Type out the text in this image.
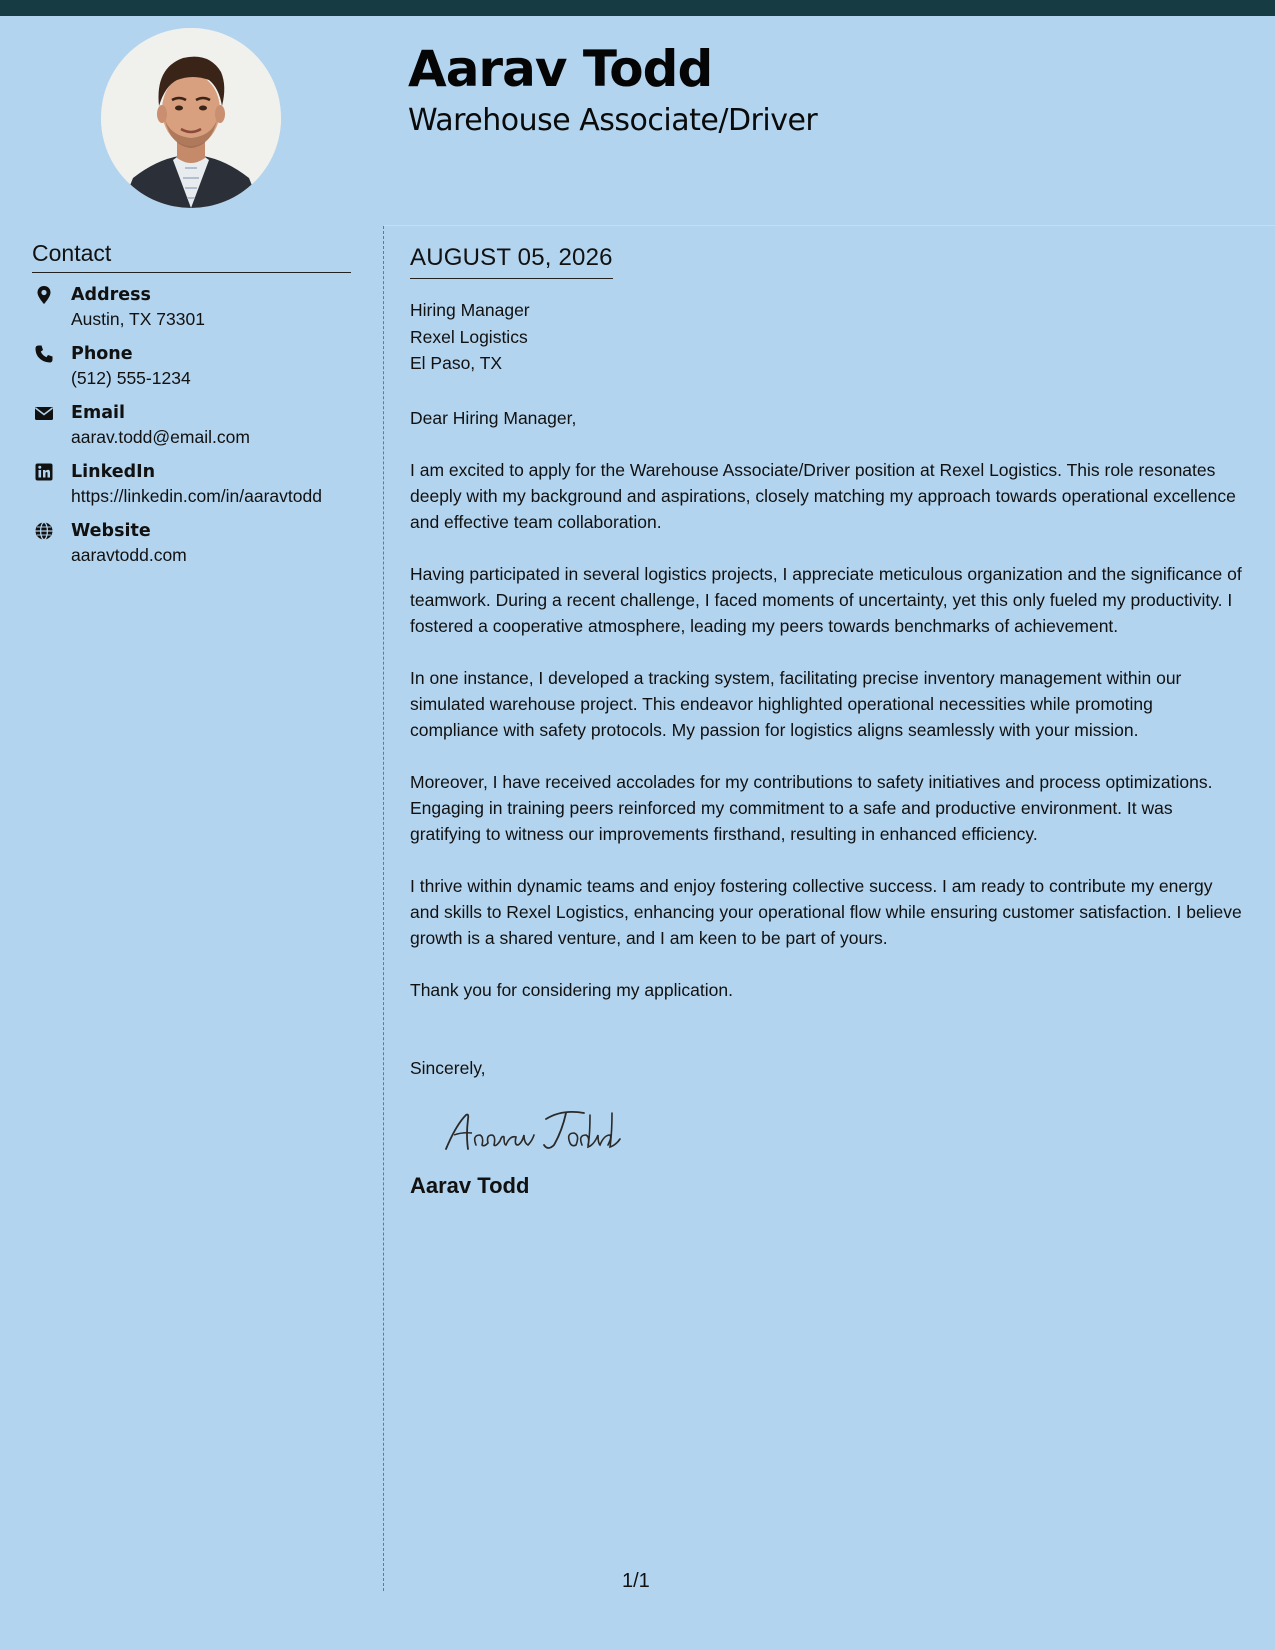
Aarav Todd
Warehouse Associate/Driver
Contact
Address
Austin, TX 73301
Phone
(512) 555-1234
Email
aarav.todd@email.com
LinkedIn
https://linkedin.com/in/aaravtodd
Website
aaravtodd.com
AUGUST 05, 2026
Hiring Manager
Rexel Logistics
El Paso, TX

Dear Hiring Manager,

I am excited to apply for the Warehouse Associate/Driver position at Rexel Logistics. This role resonates deeply with my background and aspirations, closely matching my approach towards operational excellence and effective team collaboration.

Having participated in several logistics projects, I appreciate meticulous organization and the significance of teamwork. During a recent challenge, I faced moments of uncertainty, yet this only fueled my productivity. I fostered a cooperative atmosphere, leading my peers towards benchmarks of achievement.

In one instance, I developed a tracking system, facilitating precise inventory management within our simulated warehouse project. This endeavor highlighted operational necessities while promoting compliance with safety protocols. My passion for logistics aligns seamlessly with your mission.

Moreover, I have received accolades for my contributions to safety initiatives and process optimizations. Engaging in training peers reinforced my commitment to a safe and productive environment. It was gratifying to witness our improvements firsthand, resulting in enhanced efficiency.

I thrive within dynamic teams and enjoy fostering collective success. I am ready to contribute my energy and skills to Rexel Logistics, enhancing your operational flow while ensuring customer satisfaction. I believe growth is a shared venture, and I am keen to be part of yours.

Thank you for considering my application.

Sincerely,
Aarav Todd
1/1
